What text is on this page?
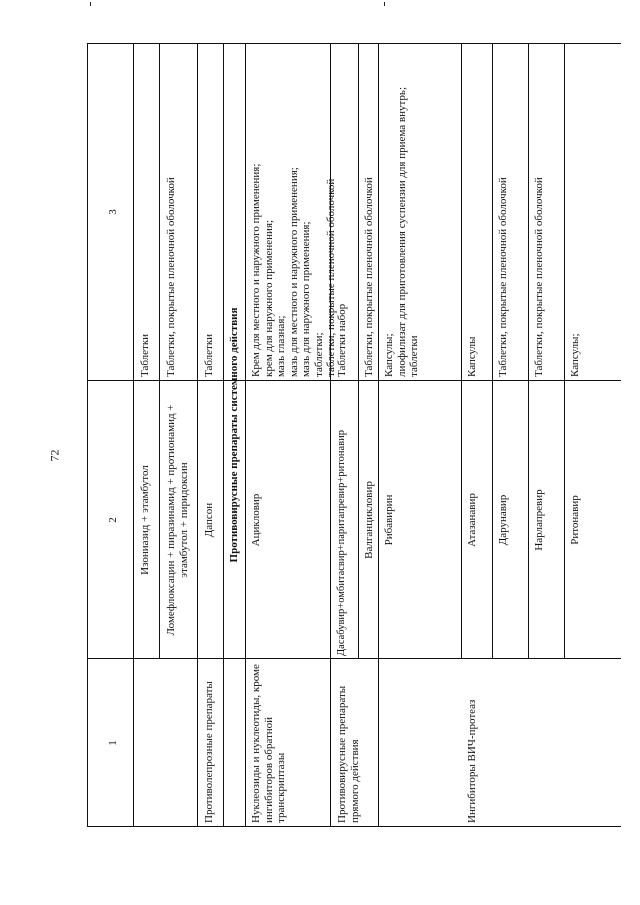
72
1
2
3
Изониазид + этамбутол
Таблетки
Ломефлоксацин + пиразинамид + протионамид + этамбутол + пиридоксин
Таблетки, покрытые пленочной оболочкой
Противолепрозные препараты
Дапсон
Таблетки Противовирусные препараты системного действия
Нуклеозиды и нуклеотиды, кроме ингибиторов обратной транскриптазы
Ацикловир
Крем для местного и наружного применения; крем для наружного применения; мазь глазная; мазь для местного и наружного применения; мазь для наружного применения; таблетки; таблетки, покрытые пленочной оболочкой
Противовирусные препараты прямого действия
Дасабувир+омбитасвир+паритапревир+ритонавир
Таблетки набор
Валганцикловир
Таблетки, покрытые пленочной оболочкой
Рибавирин
Капсулы; лиофилизат для приготовления суспензии для приема внутрь; таблетки
Ингибиторы ВИЧ-протеаз
Атазанавир
Капсулы
Дарунавир
Таблетки, покрытые пленочной оболочкой
Нарлапревир
Таблетки, покрытые пленочной оболочкой
Ритонавир
Капсулы;
